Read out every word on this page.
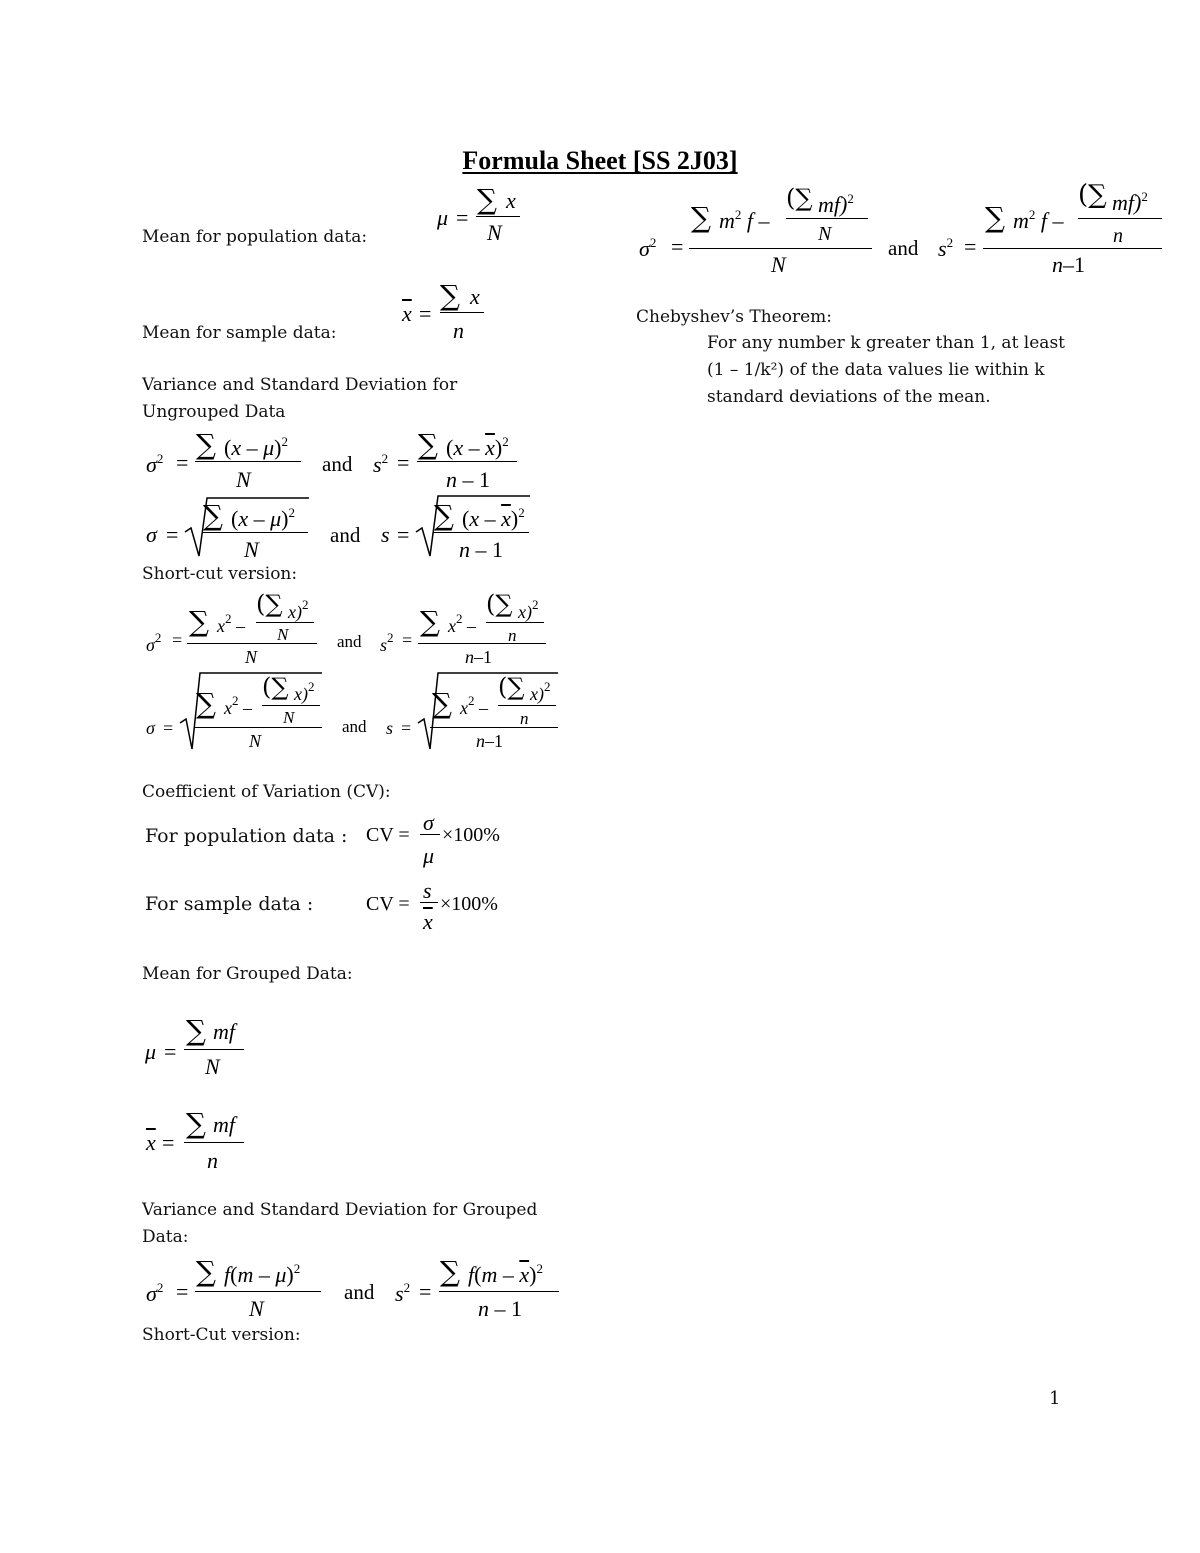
Formula Sheet [SS 2J03]
Mean for population data:
Mean for sample data:
Variance and Standard Deviation for
Ungrouped Data
Short-cut version:
Coefficient of Variation (CV):
For population data :
For sample data :
Mean for Grouped Data:
Variance and Standard Deviation for Grouped
Data:
Short-Cut version:
Chebyshev’s Theorem:
For any number k greater than 1, at least
(1 – 1/k²) of the data values lie within k
standard deviations of the mean.
1
μ =
∑ x
N
$\overline{x}$ =
∑ x
n
$\sigma^2$ =
∑ $m^2$ f –
(∑ mf)$^2$
N
N
and $s^2$ =
∑ $m^2$ f –
(∑ mf)$^2$
n
n–1
$\sigma^2$ =
∑ (x – μ)$^2$
N
and $s^2$ =
∑ $(x - \overline{x})^2$
n – 1
σ =
∑ (x – μ)$^2$
N
and s =
∑ $(x - \overline{x})^2$
n – 1
$\sigma^2$ =
∑ $x^2$ –
(∑ x)$^2$
N
N
and $s^2$ =
∑ $x^2$ –
(∑ x)$^2$
n
n–1
σ =
∑ $x^2$ –
(∑ x)$^2$
N
N
and s =
∑ $x^2$ –
(∑ x)$^2$
n
n–1
CV = σ
μ
×100%
CV =
s
$\overline{x}$
×100%
μ =
∑ mf
N
$\overline{x}$ =
∑ mf
n
$\sigma^2$ =
∑ f(m – μ)$^2$
N
and $s^2$ =
∑ $f(m - \overline{x})^2$
n – 1
